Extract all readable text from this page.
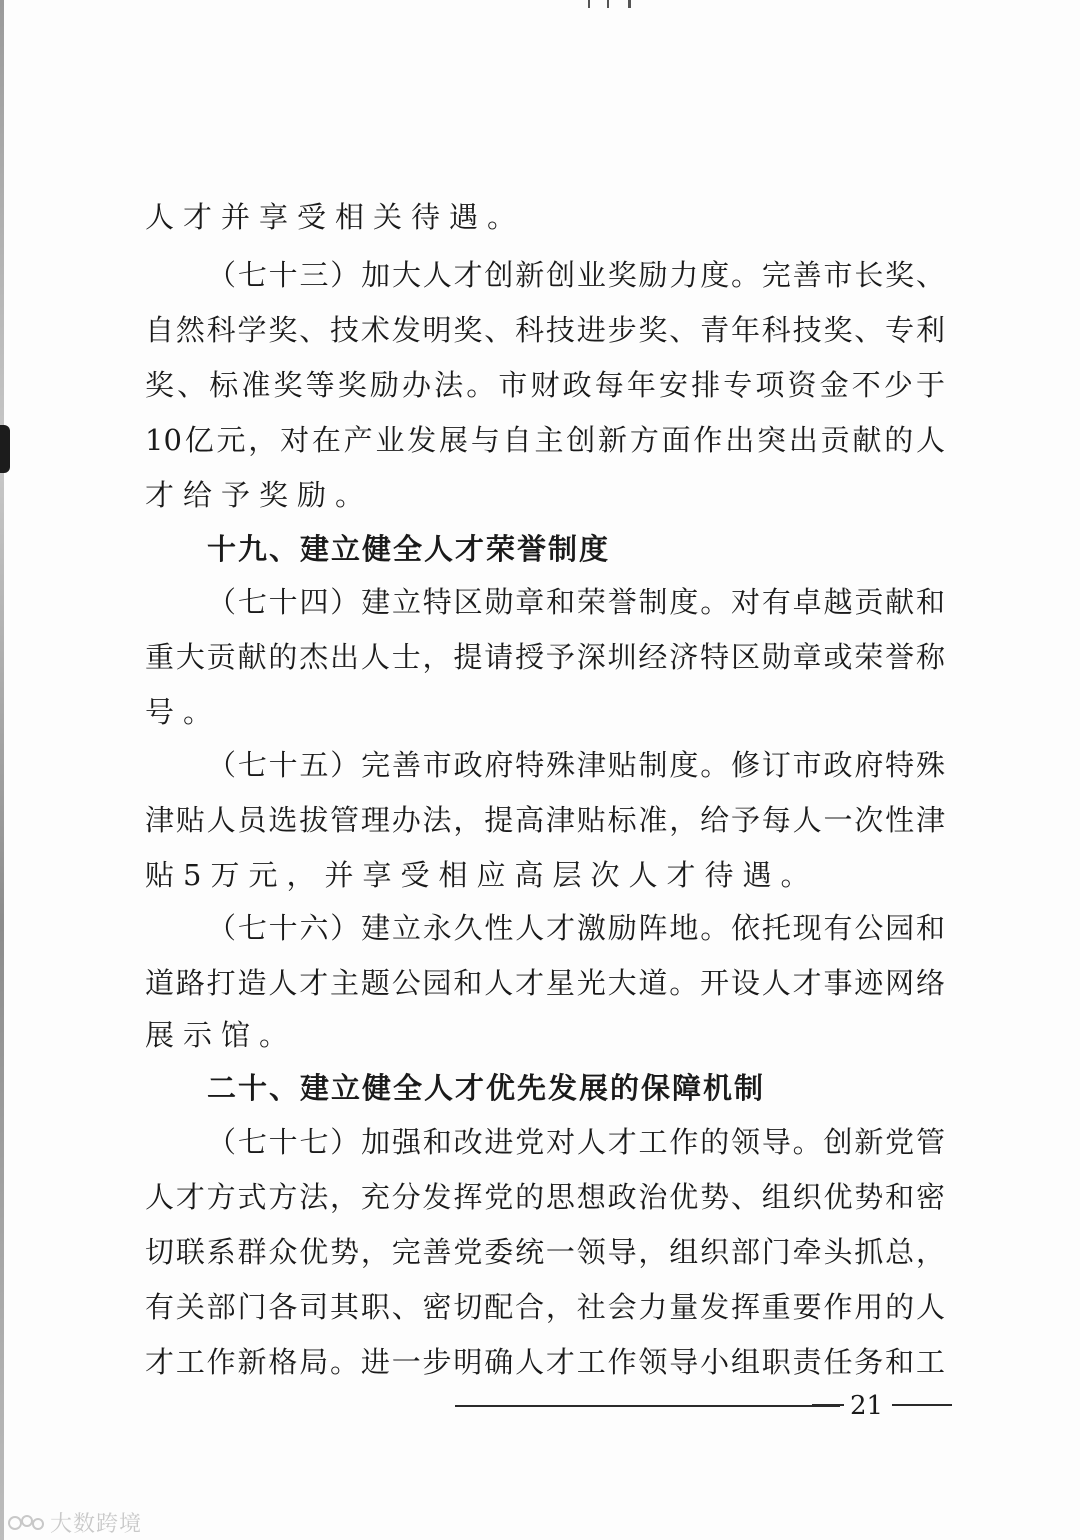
人才并享受相关待遇。
（七十三）加大人才创新创业奖励力度。完善市长奖、
自然科学奖、技术发明奖、科技进步奖、青年科技奖、专利
奖、标准奖等奖励办法。市财政每年安排专项资金不少于
10亿元，对在产业发展与自主创新方面作出突出贡献的人
才给予奖励。
十九、建立健全人才荣誉制度
（七十四）建立特区勋章和荣誉制度。对有卓越贡献和
重大贡献的杰出人士，提请授予深圳经济特区勋章或荣誉称
号。
（七十五）完善市政府特殊津贴制度。修订市政府特殊
津贴人员选拔管理办法，提高津贴标准，给予每人一次性津
贴5万元，并享受相应高层次人才待遇。
（七十六）建立永久性人才激励阵地。依托现有公园和
道路打造人才主题公园和人才星光大道。开设人才事迹网络
展示馆。
二十、建立健全人才优先发展的保障机制
（七十七）加强和改进党对人才工作的领导。创新党管
人才方式方法，充分发挥党的思想政治优势、组织优势和密
切联系群众优势，完善党委统一领导，组织部门牵头抓总，
有关部门各司其职、密切配合，社会力量发挥重要作用的人
才工作新格局。进一步明确人才工作领导小组职责任务和工
21
大数跨境
